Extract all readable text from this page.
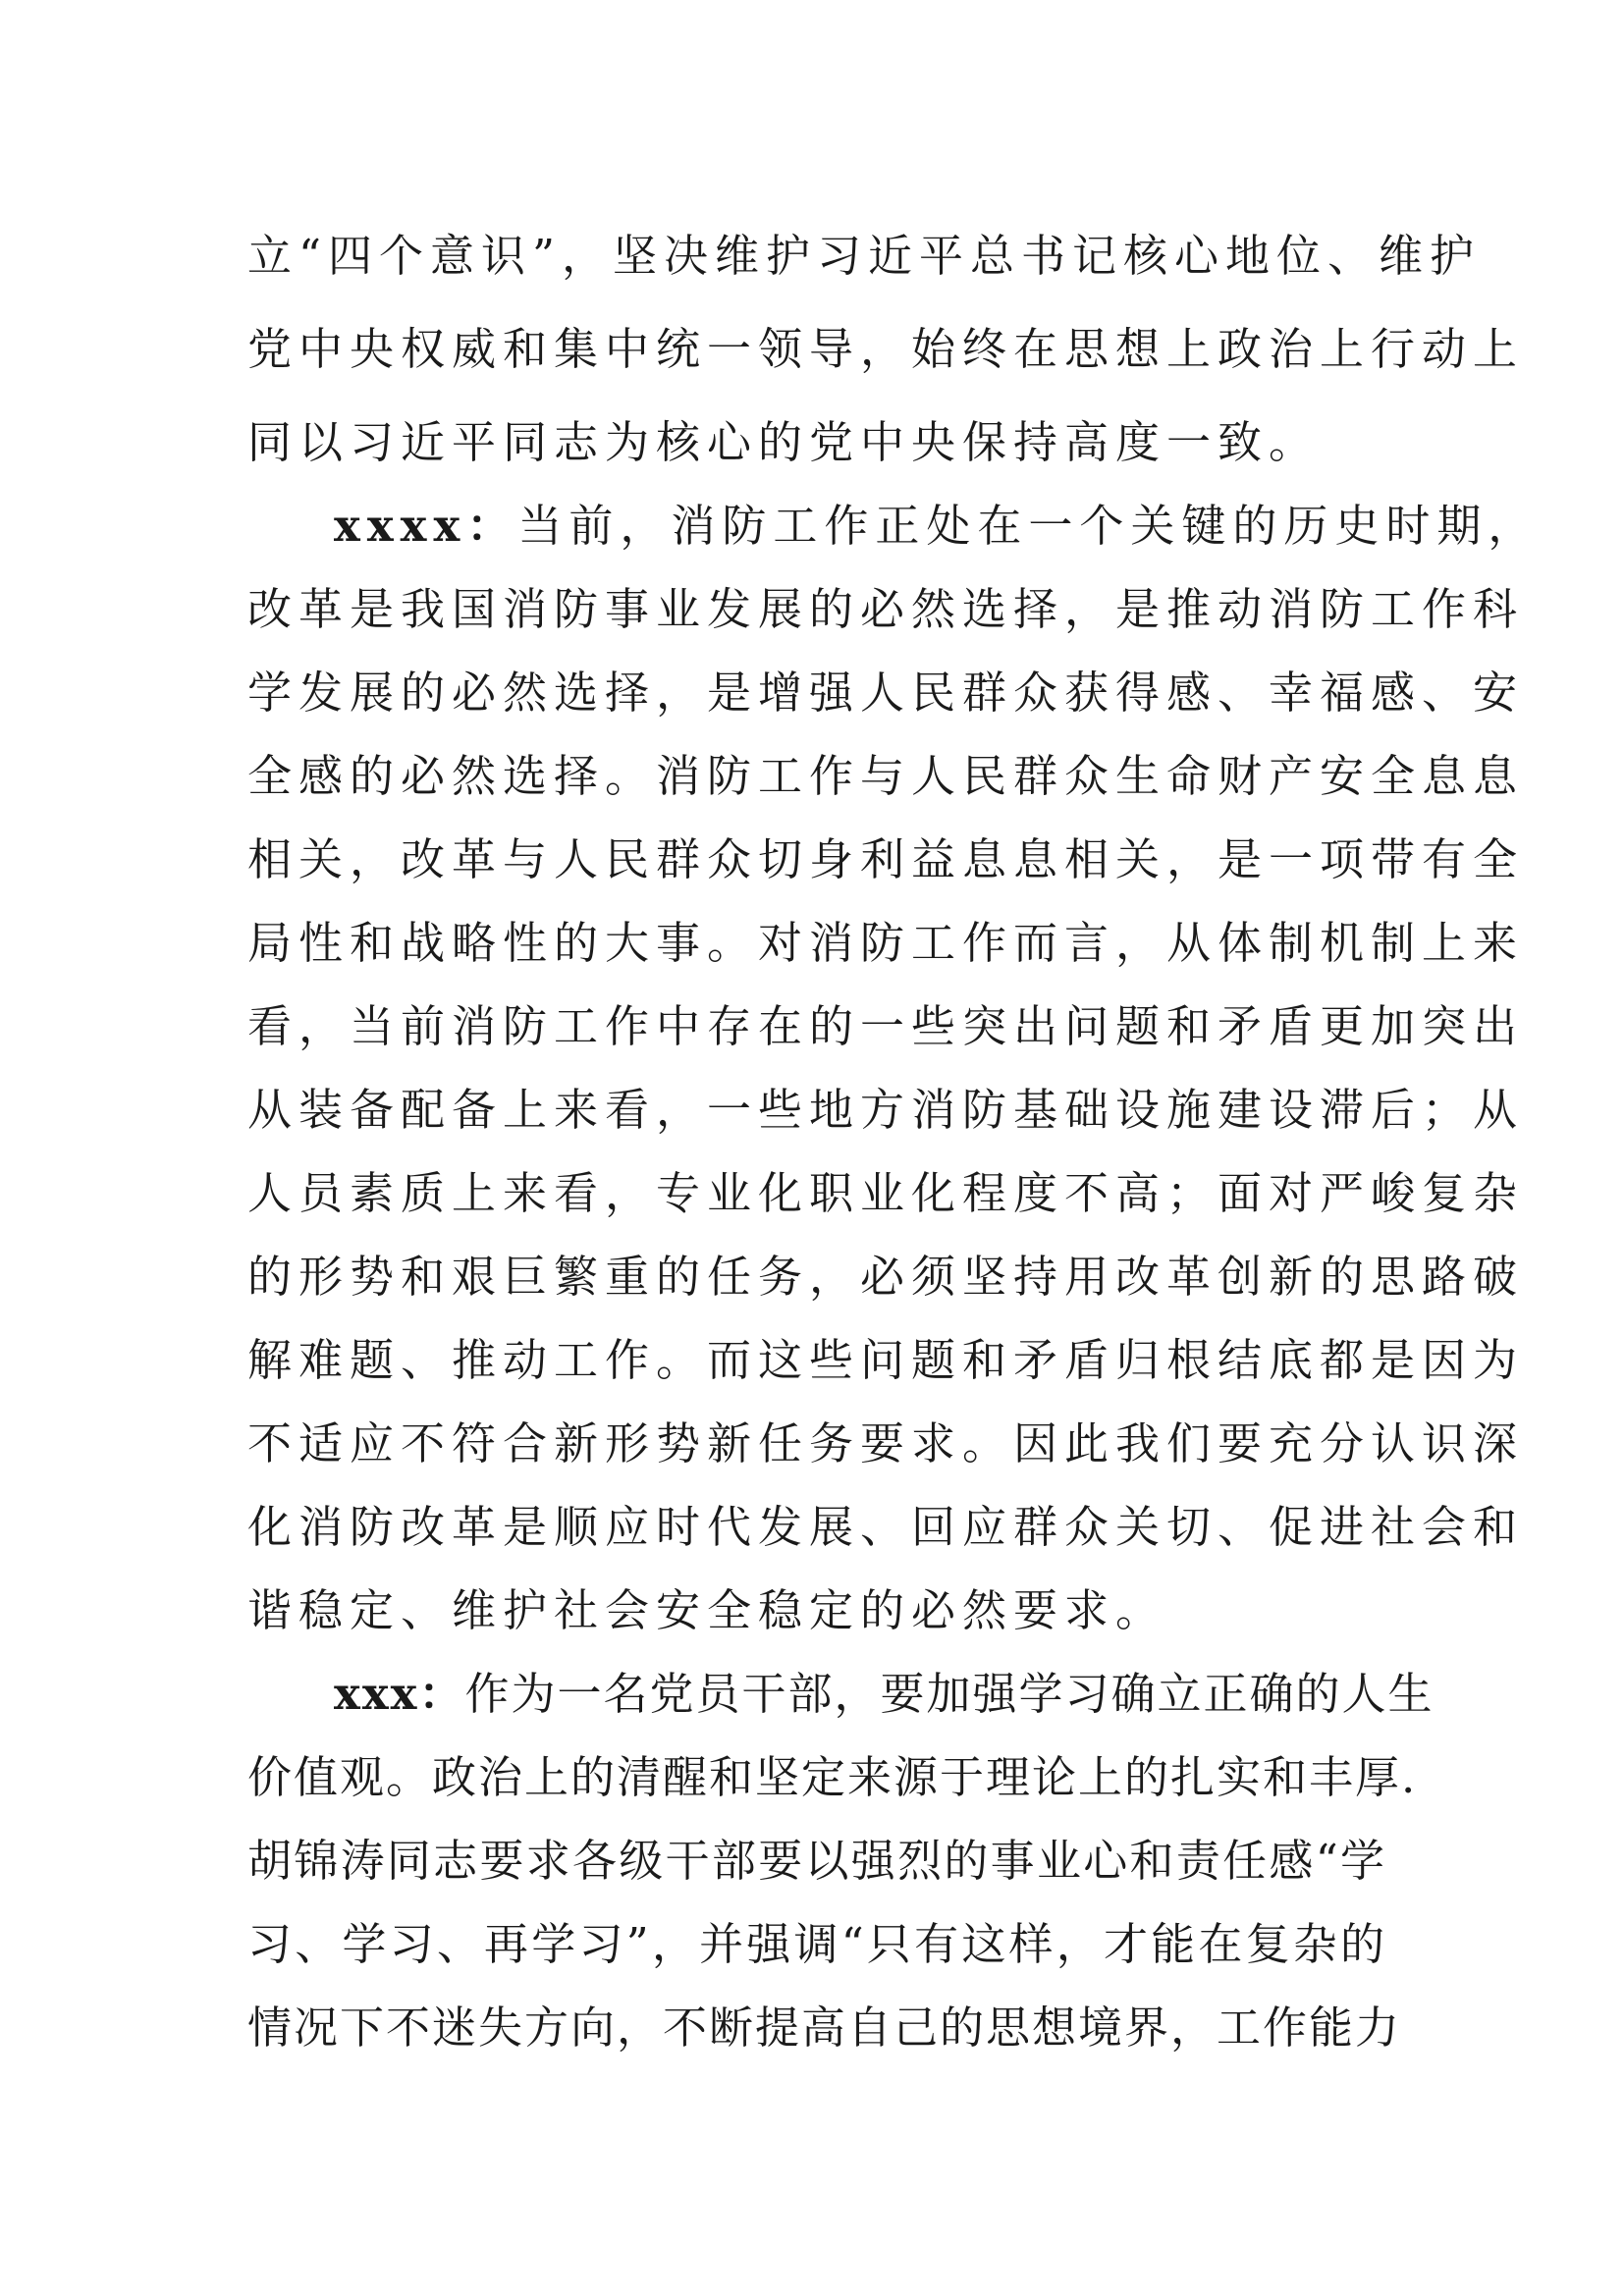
立“四个意识”，坚决维护习近平总书记核心地位、维护
党中央权威和集中统一领导，始终在思想上政治上行动上
同以习近平同志为核心的党中央保持高度一致。
xxxx：当前，消防工作正处在一个关键的历史时期，
改革是我国消防事业发展的必然选择，是推动消防工作科
学发展的必然选择，是增强人民群众获得感、幸福感、安
全感的必然选择。消防工作与人民群众生命财产安全息息
相关，改革与人民群众切身利益息息相关，是一项带有全
局性和战略性的大事。对消防工作而言，从体制机制上来
看，当前消防工作中存在的一些突出问题和矛盾更加突出
从装备配备上来看，一些地方消防基础设施建设滞后；从
人员素质上来看，专业化职业化程度不高；面对严峻复杂
的形势和艰巨繁重的任务，必须坚持用改革创新的思路破
解难题、推动工作。而这些问题和矛盾归根结底都是因为
不适应不符合新形势新任务要求。因此我们要充分认识深
化消防改革是顺应时代发展、回应群众关切、促进社会和
谐稳定、维护社会安全稳定的必然要求。
xxx：作为一名党员干部，要加强学习确立正确的人生
价值观。政治上的清醒和坚定来源于理论上的扎实和丰厚.
胡锦涛同志要求各级干部要以强烈的事业心和责任感“学
习、学习、再学习”，并强调“只有这样，才能在复杂的
情况下不迷失方向，不断提高自己的思想境界，工作能力
